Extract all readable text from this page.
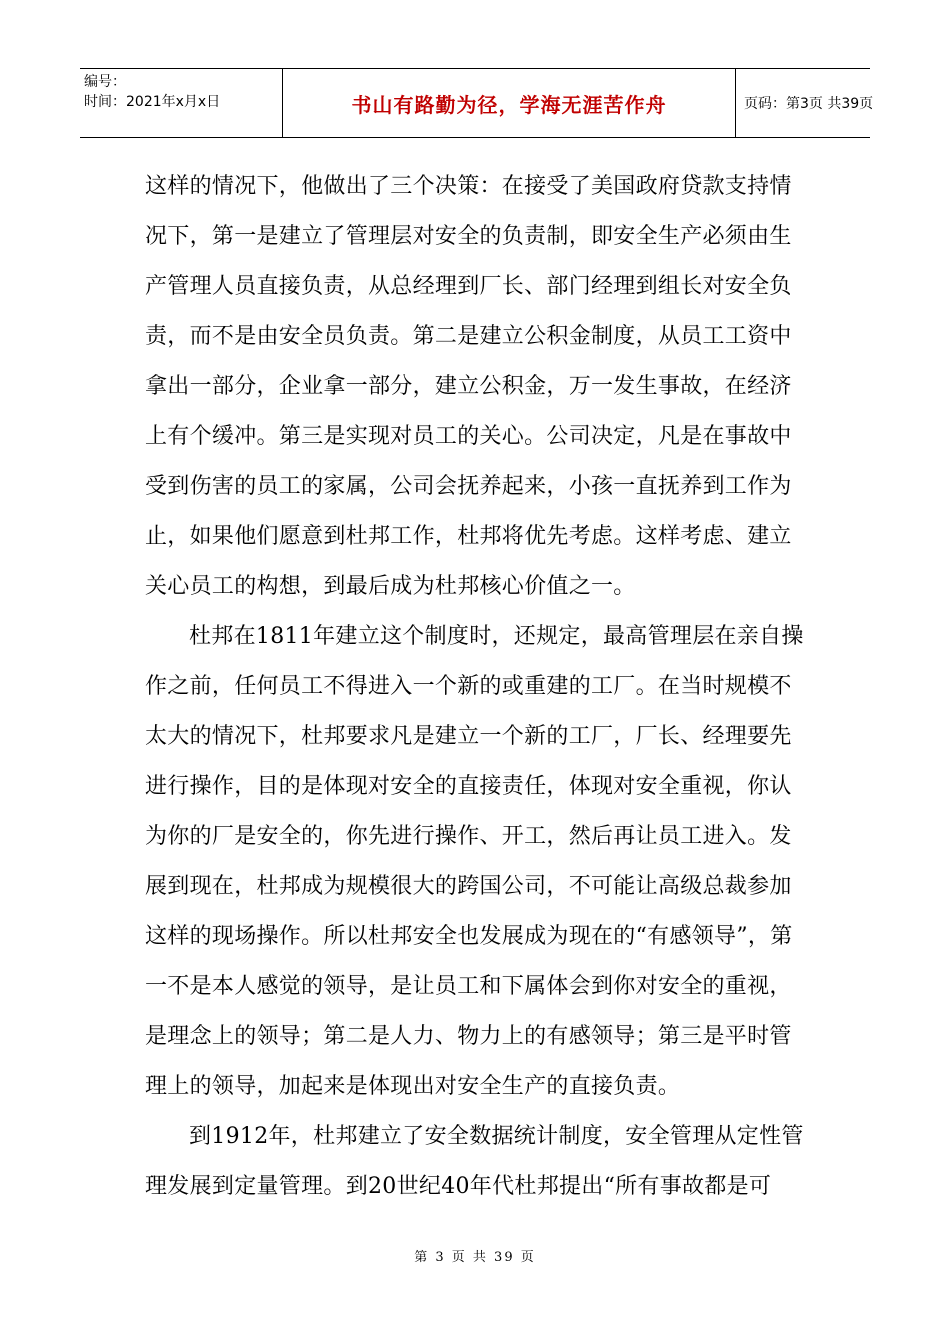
编号：
时间：2021年x月x日	书山有路勤为径，学海无涯苦作舟	页码：第3页 共39页

这样的情况下，他做出了三个决策：在接受了美国政府贷款支持情况下，第一是建立了管理层对安全的负责制，即安全生产必须由生产管理人员直接负责，从总经理到厂长、部门经理到组长对安全负责，而不是由安全员负责。第二是建立公积金制度，从员工工资中拿出一部分，企业拿一部分，建立公积金，万一发生事故，在经济上有个缓冲。第三是实现对员工的关心。公司决定，凡是在事故中受到伤害的员工的家属，公司会抚养起来，小孩一直抚养到工作为止，如果他们愿意到杜邦工作，杜邦将优先考虑。这样考虑、建立关心员工的构想，到最后成为杜邦核心价值之一。

杜邦在1811年建立这个制度时，还规定，最高管理层在亲自操作之前，任何员工不得进入一个新的或重建的工厂。在当时规模不太大的情况下，杜邦要求凡是建立一个新的工厂，厂长、经理要先进行操作，目的是体现对安全的直接责任，体现对安全重视，你认为你的厂是安全的，你先进行操作、开工，然后再让员工进入。发展到现在，杜邦成为规模很大的跨国公司，不可能让高级总裁参加这样的现场操作。所以杜邦安全也发展成为现在的“有感领导”，第一不是本人感觉的领导，是让员工和下属体会到你对安全的重视，是理念上的领导；第二是人力、物力上的有感领导；第三是平时管理上的领导，加起来是体现出对安全生产的直接负责。

到1912年，杜邦建立了安全数据统计制度，安全管理从定性管理发展到定量管理。到20世纪40年代杜邦提出“所有事故都是可

第 3 页 共 39 页
